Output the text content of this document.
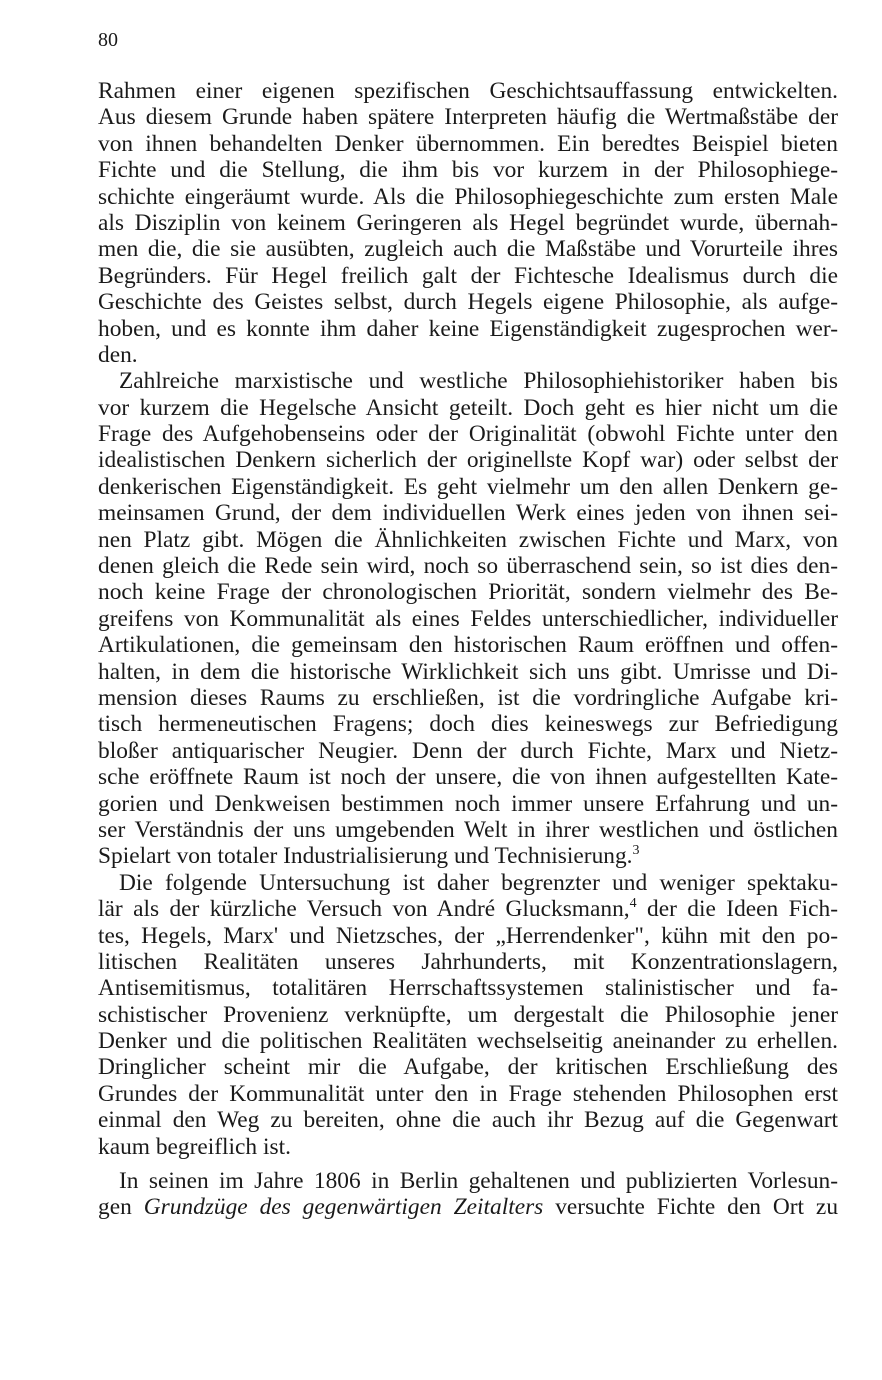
80
Rahmen einer eigenen spezifischen Geschichtsauffassung entwickelten.
Aus diesem Grunde haben spätere Interpreten häufig die Wertmaßstäbe der
von ihnen behandelten Denker übernommen. Ein beredtes Beispiel bieten
Fichte und die Stellung, die ihm bis vor kurzem in der Philosophiege-
schichte eingeräumt wurde. Als die Philosophiegeschichte zum ersten Male
als Disziplin von keinem Geringeren als Hegel begründet wurde, übernah-
men die, die sie ausübten, zugleich auch die Maßstäbe und Vorurteile ihres
Begründers. Für Hegel freilich galt der Fichtesche Idealismus durch die
Geschichte des Geistes selbst, durch Hegels eigene Philosophie, als aufge-
hoben, und es konnte ihm daher keine Eigenständigkeit zugesprochen wer-
den.
Zahlreiche marxistische und westliche Philosophiehistoriker haben bis
vor kurzem die Hegelsche Ansicht geteilt. Doch geht es hier nicht um die
Frage des Aufgehobenseins oder der Originalität (obwohl Fichte unter den
idealistischen Denkern sicherlich der originellste Kopf war) oder selbst der
denkerischen Eigenständigkeit. Es geht vielmehr um den allen Denkern ge-
meinsamen Grund, der dem individuellen Werk eines jeden von ihnen sei-
nen Platz gibt. Mögen die Ähnlichkeiten zwischen Fichte und Marx, von
denen gleich die Rede sein wird, noch so überraschend sein, so ist dies den-
noch keine Frage der chronologischen Priorität, sondern vielmehr des Be-
greifens von Kommunalität als eines Feldes unterschiedlicher, individueller
Artikulationen, die gemeinsam den historischen Raum eröffnen und offen-
halten, in dem die historische Wirklichkeit sich uns gibt. Umrisse und Di-
mension dieses Raums zu erschließen, ist die vordringliche Aufgabe kri-
tisch hermeneutischen Fragens; doch dies keineswegs zur Befriedigung
bloßer antiquarischer Neugier. Denn der durch Fichte, Marx und Nietz-
sche eröffnete Raum ist noch der unsere, die von ihnen aufgestellten Kate-
gorien und Denkweisen bestimmen noch immer unsere Erfahrung und un-
ser Verständnis der uns umgebenden Welt in ihrer westlichen und östlichen
Spielart von totaler Industrialisierung und Technisierung.$^3$
Die folgende Untersuchung ist daher begrenzter und weniger spektaku-
lär als der kürzliche Versuch von André Glucksmann,$^4$ der die Ideen Fich-
tes, Hegels, Marx' und Nietzsches, der „Herrendenker", kühn mit den po-
litischen Realitäten unseres Jahrhunderts, mit Konzentrationslagern,
Antisemitismus, totalitären Herrschaftssystemen stalinistischer und fa-
schistischer Provenienz verknüpfte, um dergestalt die Philosophie jener
Denker und die politischen Realitäten wechselseitig aneinander zu erhellen.
Dringlicher scheint mir die Aufgabe, der kritischen Erschließung des
Grundes der Kommunalität unter den in Frage stehenden Philosophen erst
einmal den Weg zu bereiten, ohne die auch ihr Bezug auf die Gegenwart
kaum begreiflich ist.
In seinen im Jahre 1806 in Berlin gehaltenen und publizierten Vorlesun-
gen Grundzüge des gegenwärtigen Zeitalters versuchte Fichte den Ort zu
